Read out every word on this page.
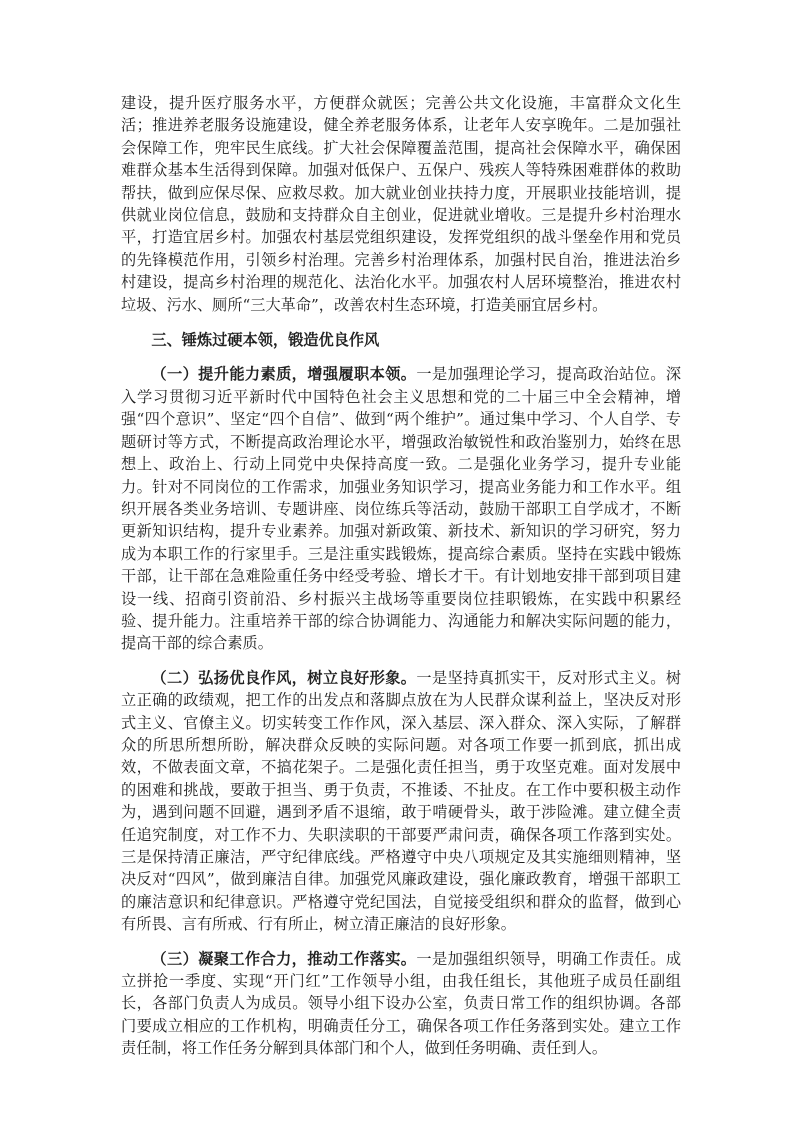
建设，提升医疗服务水平，方便群众就医；完善公共文化设施，丰富群众文化生活；推进养老服务设施建设，健全养老服务体系，让老年人安享晚年。二是加强社会保障工作，兜牢民生底线。扩大社会保障覆盖范围，提高社会保障水平，确保困难群众基本生活得到保障。加强对低保户、五保户、残疾人等特殊困难群体的救助帮扶，做到应保尽保、应救尽救。加大就业创业扶持力度，开展职业技能培训，提供就业岗位信息，鼓励和支持群众自主创业，促进就业增收。三是提升乡村治理水平，打造宜居乡村。加强农村基层党组织建设，发挥党组织的战斗堡垒作用和党员的先锋模范作用，引领乡村治理。完善乡村治理体系，加强村民自治，推进法治乡村建设，提高乡村治理的规范化、法治化水平。加强农村人居环境整治，推进农村垃圾、污水、厕所“三大革命”，改善农村生态环境，打造美丽宜居乡村。

三、锤炼过硬本领，锻造优良作风

（一）提升能力素质，增强履职本领。一是加强理论学习，提高政治站位。深入学习贯彻习近平新时代中国特色社会主义思想和党的二十届三中全会精神，增强“四个意识”、坚定“四个自信”、做到“两个维护”。通过集中学习、个人自学、专题研讨等方式，不断提高政治理论水平，增强政治敏锐性和政治鉴别力，始终在思想上、政治上、行动上同党中央保持高度一致。二是强化业务学习，提升专业能力。针对不同岗位的工作需求，加强业务知识学习，提高业务能力和工作水平。组织开展各类业务培训、专题讲座、岗位练兵等活动，鼓励干部职工自学成才，不断更新知识结构，提升专业素养。加强对新政策、新技术、新知识的学习研究，努力成为本职工作的行家里手。三是注重实践锻炼，提高综合素质。坚持在实践中锻炼干部，让干部在急难险重任务中经受考验、增长才干。有计划地安排干部到项目建设一线、招商引资前沿、乡村振兴主战场等重要岗位挂职锻炼，在实践中积累经验、提升能力。注重培养干部的综合协调能力、沟通能力和解决实际问题的能力，提高干部的综合素质。

（二）弘扬优良作风，树立良好形象。一是坚持真抓实干，反对形式主义。树立正确的政绩观，把工作的出发点和落脚点放在为人民群众谋利益上，坚决反对形式主义、官僚主义。切实转变工作作风，深入基层、深入群众、深入实际，了解群众的所思所想所盼，解决群众反映的实际问题。对各项工作要一抓到底，抓出成效，不做表面文章，不搞花架子。二是强化责任担当，勇于攻坚克难。面对发展中的困难和挑战，要敢于担当、勇于负责，不推诿、不扯皮。在工作中要积极主动作为，遇到问题不回避，遇到矛盾不退缩，敢于啃硬骨头，敢于涉险滩。建立健全责任追究制度，对工作不力、失职渎职的干部要严肃问责，确保各项工作落到实处。三是保持清正廉洁，严守纪律底线。严格遵守中央八项规定及其实施细则精神，坚决反对“四风”，做到廉洁自律。加强党风廉政建设，强化廉政教育，增强干部职工的廉洁意识和纪律意识。严格遵守党纪国法，自觉接受组织和群众的监督，做到心有所畏、言有所戒、行有所止，树立清正廉洁的良好形象。

（三）凝聚工作合力，推动工作落实。一是加强组织领导，明确工作责任。成立拼抢一季度、实现“开门红”工作领导小组，由我任组长，其他班子成员任副组长，各部门负责人为成员。领导小组下设办公室，负责日常工作的组织协调。各部门要成立相应的工作机构，明确责任分工，确保各项工作任务落到实处。建立工作责任制，将工作任务分解到具体部门和个人，做到任务明确、责任到人。
